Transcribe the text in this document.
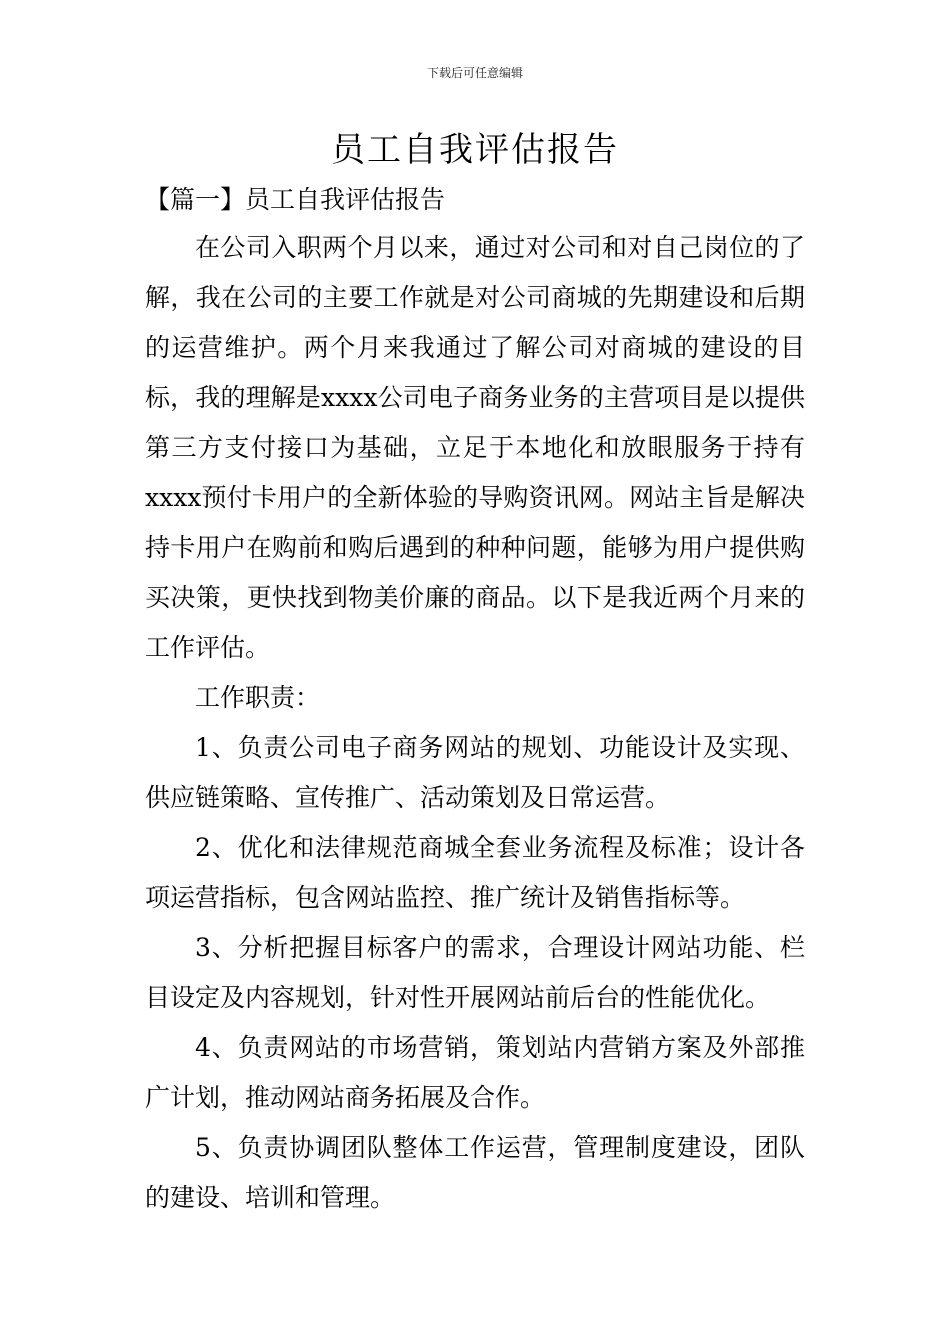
下载后可任意编辑
员工自我评估报告
【篇一】员工自我评估报告

在公司入职两个月以来，通过对公司和对自己岗位的了解，我在公司的主要工作就是对公司商城的先期建设和后期的运营维护。两个月来我通过了解公司对商城的建设的目标，我的理解是xxxx公司电子商务业务的主营项目是以提供第三方支付接口为基础，立足于本地化和放眼服务于持有xxxx预付卡用户的全新体验的导购资讯网。网站主旨是解决持卡用户在购前和购后遇到的种种问题，能够为用户提供购买决策，更快找到物美价廉的商品。以下是我近两个月来的工作评估。

工作职责：

1、负责公司电子商务网站的规划、功能设计及实现、供应链策略、宣传推广、活动策划及日常运营。

2、优化和法律规范商城全套业务流程及标准；设计各项运营指标，包含网站监控、推广统计及销售指标等。

3、分析把握目标客户的需求，合理设计网站功能、栏目设定及内容规划，针对性开展网站前后台的性能优化。

4、负责网站的市场营销，策划站内营销方案及外部推广计划，推动网站商务拓展及合作。

5、负责协调团队整体工作运营，管理制度建设，团队的建设、培训和管理。
